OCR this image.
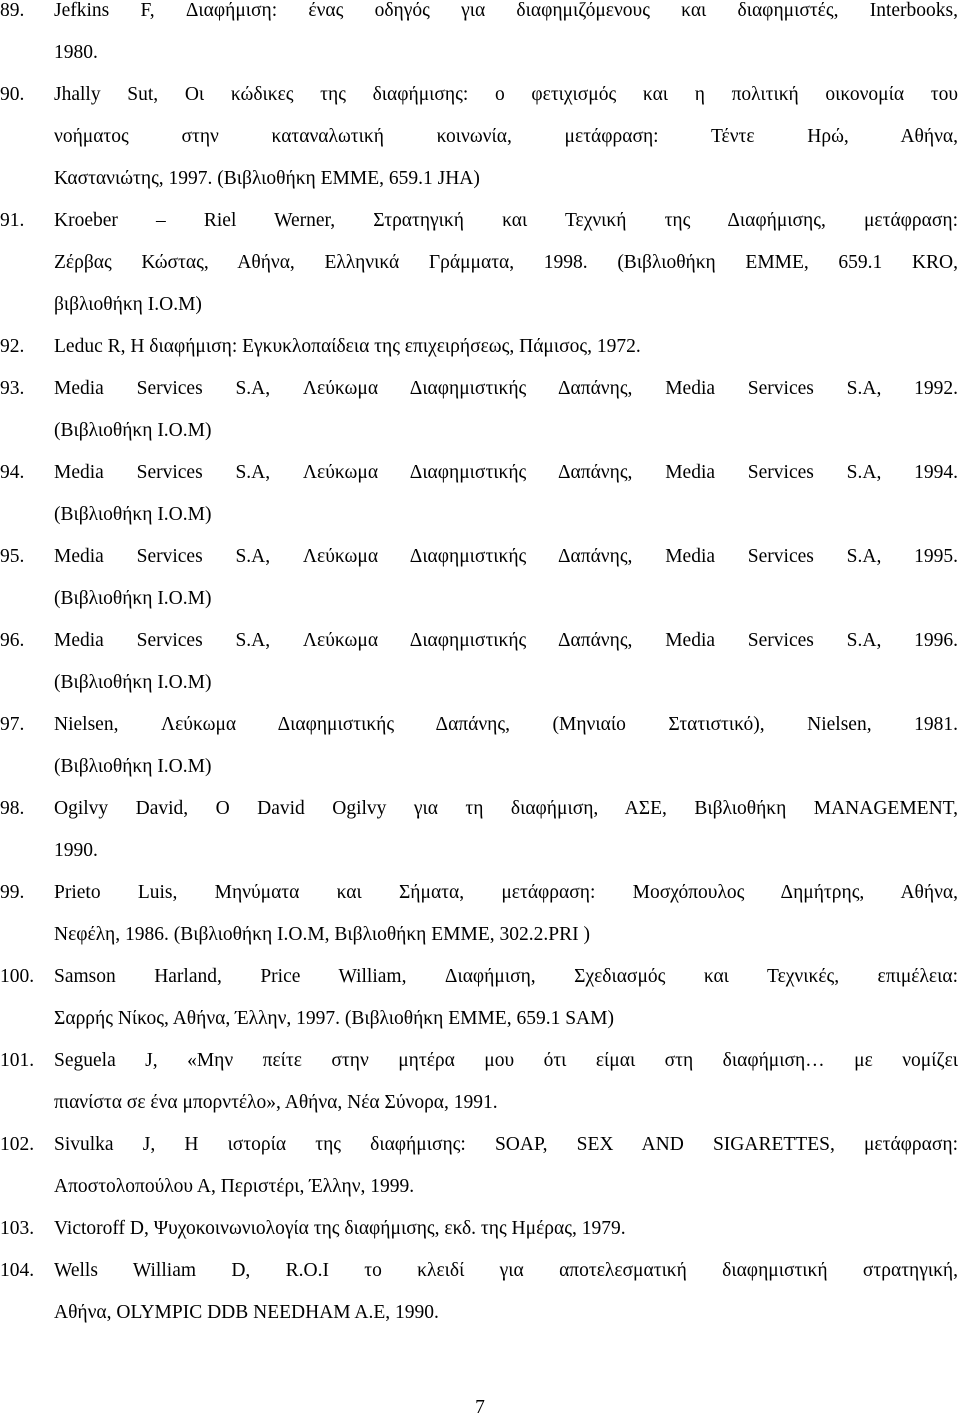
89. Jefkins F, Διαφήμιση: ένας οδηγός για διαφημιζόμενους και διαφημιστές, Interbooks,
1980.
90. Jhally Sut, Οι κώδικες της διαφήμισης: ο φετιχισμός και η πολιτική οικονομία του
νοήματος στην καταναλωτική κοινωνία, μετάφραση: Τέντε Ηρώ, Αθήνα,
Καστανιώτης, 1997. (Βιβλιοθήκη ΕΜΜΕ, 659.1 JHA)
91. Kroeber – Riel Werner, Στρατηγική και Τεχνική της Διαφήμισης, μετάφραση:
Ζέρβας Κώστας, Αθήνα, Ελληνικά Γράμματα, 1998. (Βιβλιοθήκη ΕΜΜΕ, 659.1 KRO,
βιβλιοθήκη Ι.Ο.Μ)
92. Leduc R, Η διαφήμιση: Εγκυκλοπαίδεια της επιχειρήσεως, Πάμισος, 1972.
93. Media Services S.A, Λεύκωμα Διαφημιστικής Δαπάνης, Media Services S.A, 1992.
(Βιβλιοθήκη Ι.Ο.Μ)
94. Media Services S.A, Λεύκωμα Διαφημιστικής Δαπάνης, Media Services S.A, 1994.
(Βιβλιοθήκη Ι.Ο.Μ)
95. Media Services S.A, Λεύκωμα Διαφημιστικής Δαπάνης, Media Services S.A, 1995.
(Βιβλιοθήκη Ι.Ο.Μ)
96. Media Services S.A, Λεύκωμα Διαφημιστικής Δαπάνης, Media Services S.A, 1996.
(Βιβλιοθήκη Ι.Ο.Μ)
97. Nielsen, Λεύκωμα Διαφημιστικής Δαπάνης, (Μηνιαίο Στατιστικό), Nielsen, 1981.
(Βιβλιοθήκη Ι.Ο.Μ)
98. Ogilvy David, Ο David Ogilvy για τη διαφήμιση, ΑΣΕ, Βιβλιοθήκη MANAGEMENT,
1990.
99. Prieto Luis, Μηνύματα και Σήματα, μετάφραση: Μοσχόπουλος Δημήτρης, Αθήνα,
Νεφέλη, 1986. (Βιβλιοθήκη Ι.Ο.Μ, Βιβλιοθήκη ΕΜΜΕ, 302.2.PRI )
100. Samson Harland, Price William, Διαφήμιση, Σχεδιασμός και Τεχνικές, επιμέλεια:
Σαρρής Νίκος, Αθήνα, Έλλην, 1997. (Βιβλιοθήκη ΕΜΜΕ, 659.1 SAM)
101. Seguela J, «Μην πείτε στην μητέρα μου ότι είμαι στη διαφήμιση… με νομίζει
πιανίστα σε ένα μπορντέλο», Αθήνα, Νέα Σύνορα, 1991.
102. Sivulka J, Η ιστορία της διαφήμισης: SOAP, SEX AND SIGARETTES, μετάφραση:
Αποστολοπούλου Α, Περιστέρι, Έλλην, 1999.
103. Victoroff D, Ψυχοκοινωνιολογία της διαφήμισης, εκδ. της Ημέρας, 1979.
104. Wells William D, R.O.I το κλειδί για αποτελεσματική διαφημιστική στρατηγική,
Αθήνα, OLYMPIC DDB NEEDHAM A.E, 1990.
7
